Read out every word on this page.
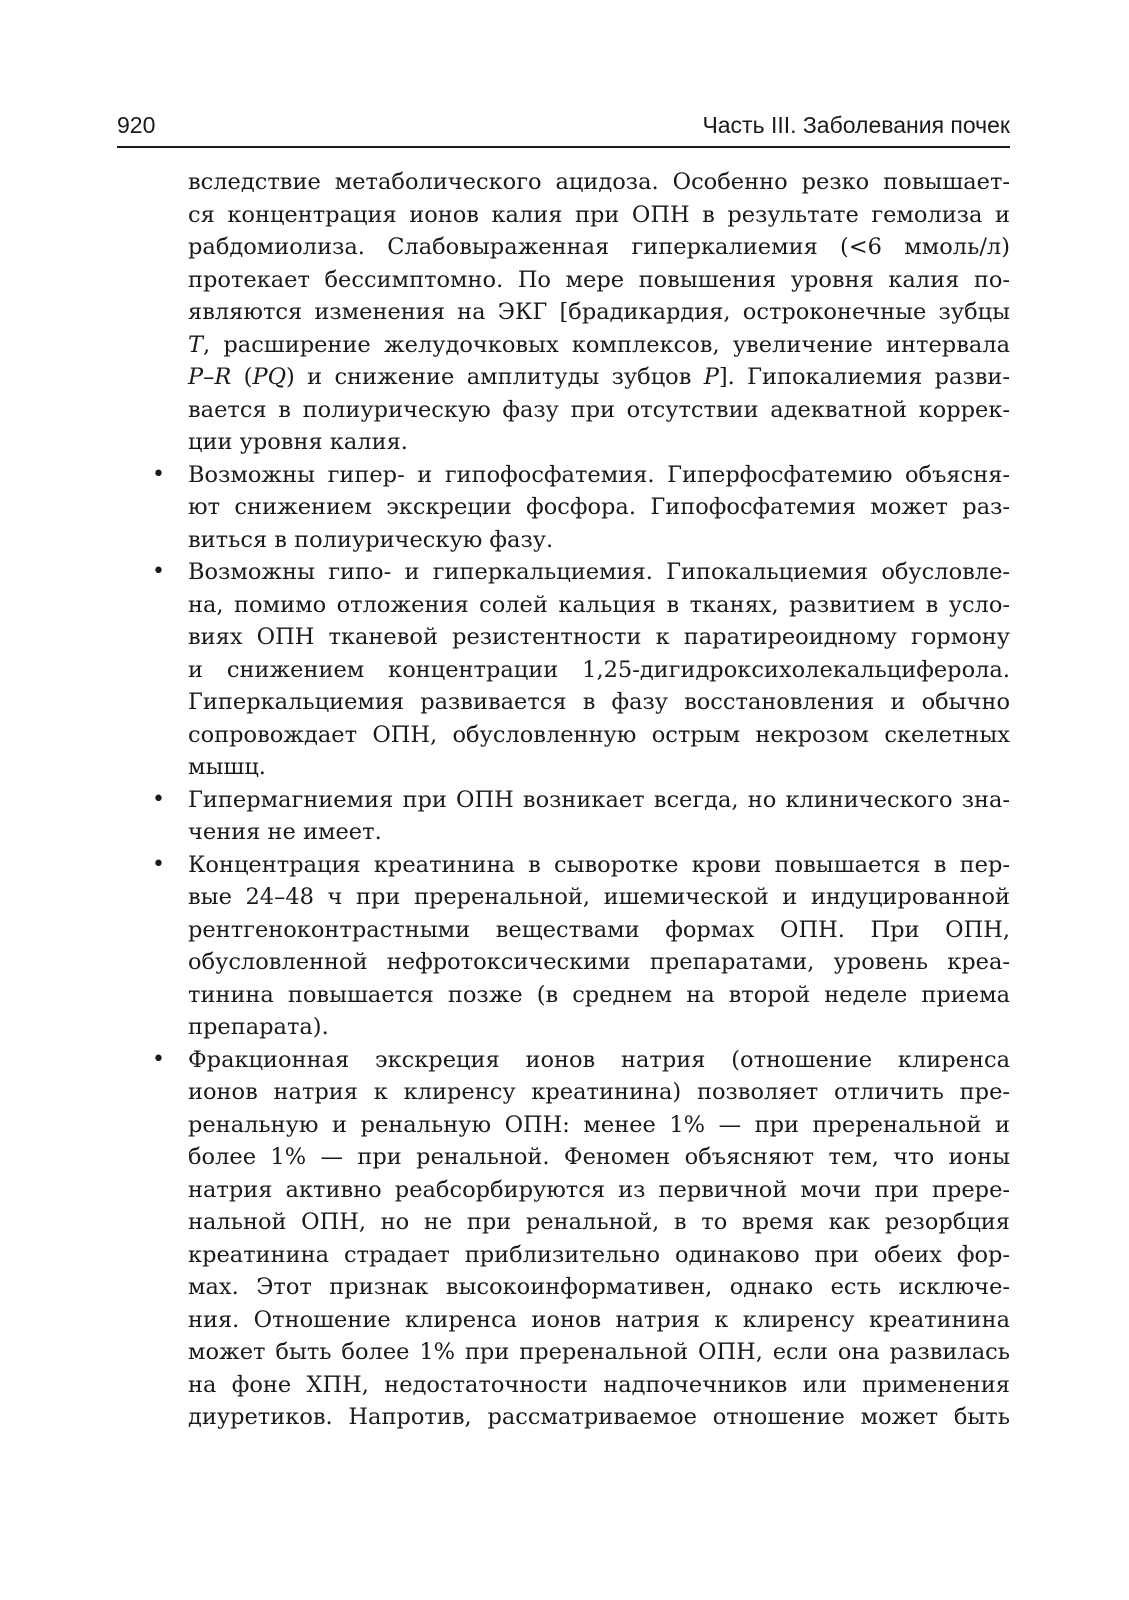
920	Часть III. Заболевания почек
вследствие метаболического ацидоза. Особенно резко повышает-
ся концентрация ионов калия при ОПН в результате гемолиза и
рабдомиолиза. Слабовыраженная гиперкалиемия (<6 ммоль/л)
протекает бессимптомно. По мере повышения уровня калия по-
являются изменения на ЭКГ [брадикардия, остроконечные зубцы
T, расширение желудочковых комплексов, увеличение интервала
P–R (PQ) и снижение амплитуды зубцов P]. Гипокалиемия разви-
вается в полиурическую фазу при отсутствии адекватной коррек-
ции уровня калия.
• Возможны гипер- и гипофосфатемия. Гиперфосфатемию объясня-
ют снижением экскреции фосфора. Гипофосфатемия может раз-
виться в полиурическую фазу.
• Возможны гипо- и гиперкальциемия. Гипокальциемия обусловле-
на, помимо отложения солей кальция в тканях, развитием в усло-
виях ОПН тканевой резистентности к паратиреоидному гормону
и снижением концентрации 1,25-дигидроксихолекальциферола.
Гиперкальциемия развивается в фазу восстановления и обычно
сопровождает ОПН, обусловленную острым некрозом скелетных
мышц.
• Гипермагниемия при ОПН возникает всегда, но клинического зна-
чения не имеет.
• Концентрация креатинина в сыворотке крови повышается в пер-
вые 24–48 ч при преренальной, ишемической и индуцированной
рентгеноконтрастными веществами формах ОПН. При ОПН,
обусловленной нефротоксическими препаратами, уровень креа-
тинина повышается позже (в среднем на второй неделе приема
препарата).
• Фракционная экскреция ионов натрия (отношение клиренса
ионов натрия к клиренсу креатинина) позволяет отличить пре-
ренальную и ренальную ОПН: менее 1% — при преренальной и
более 1% — при ренальной. Феномен объясняют тем, что ионы
натрия активно реабсорбируются из первичной мочи при прере-
нальной ОПН, но не при ренальной, в то время как резорбция
креатинина страдает приблизительно одинаково при обеих фор-
мах. Этот признак высокоинформативен, однако есть исключе-
ния. Отношение клиренса ионов натрия к клиренсу креатинина
может быть более 1% при преренальной ОПН, если она развилась
на фоне ХПН, недостаточности надпочечников или применения
диуретиков. Напротив, рассматриваемое отношение может быть
